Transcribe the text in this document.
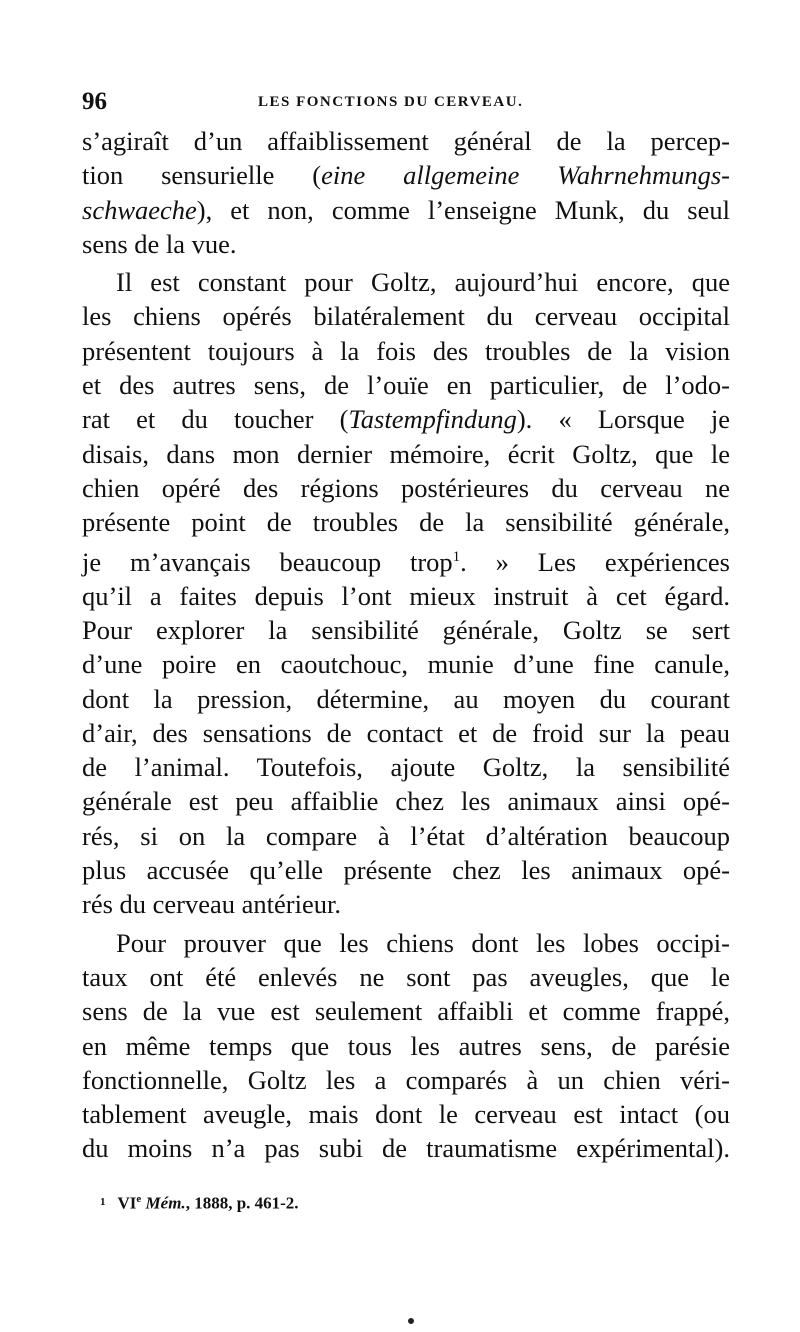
96	LES FONCTIONS DU CERVEAU.
s’agiraît d’un affaiblissement général de la percep-
tion sensurielle (eine allgemeine Wahrnehmungs-
schwaeche), et non, comme l’enseigne Munk, du seul
sens de la vue.
Il est constant pour Goltz, aujourd’hui encore, que
les chiens opérés bilatéralement du cerveau occipital
présentent toujours à la fois des troubles de la vision
et des autres sens, de l’ouïe en particulier, de l’odo-
rat et du toucher (Tastempfindung). « Lorsque je
disais, dans mon dernier mémoire, écrit Goltz, que le
chien opéré des régions postérieures du cerveau ne
présente point de troubles de la sensibilité générale,
je m’avançais beaucoup trop$^1$. » Les expériences
qu’il a faites depuis l’ont mieux instruit à cet égard.
Pour explorer la sensibilité générale, Goltz se sert
d’une poire en caoutchouc, munie d’une fine canule,
dont la pression, détermine, au moyen du courant
d’air, des sensations de contact et de froid sur la peau
de l’animal. Toutefois, ajoute Goltz, la sensibilité
générale est peu affaiblie chez les animaux ainsi opé-
rés, si on la compare à l’état d’altération beaucoup
plus accusée qu’elle présente chez les animaux opé-
rés du cerveau antérieur.
Pour prouver que les chiens dont les lobes occipi-
taux ont été enlevés ne sont pas aveugles, que le
sens de la vue est seulement affaibli et comme frappé,
en même temps que tous les autres sens, de parésie
fonctionnelle, Goltz les a comparés à un chien véri-
tablement aveugle, mais dont le cerveau est intact (ou
du moins n’a pas subi de traumatisme expérimental).
$^1$ VIe Mém., 1888, p. 461-2.
